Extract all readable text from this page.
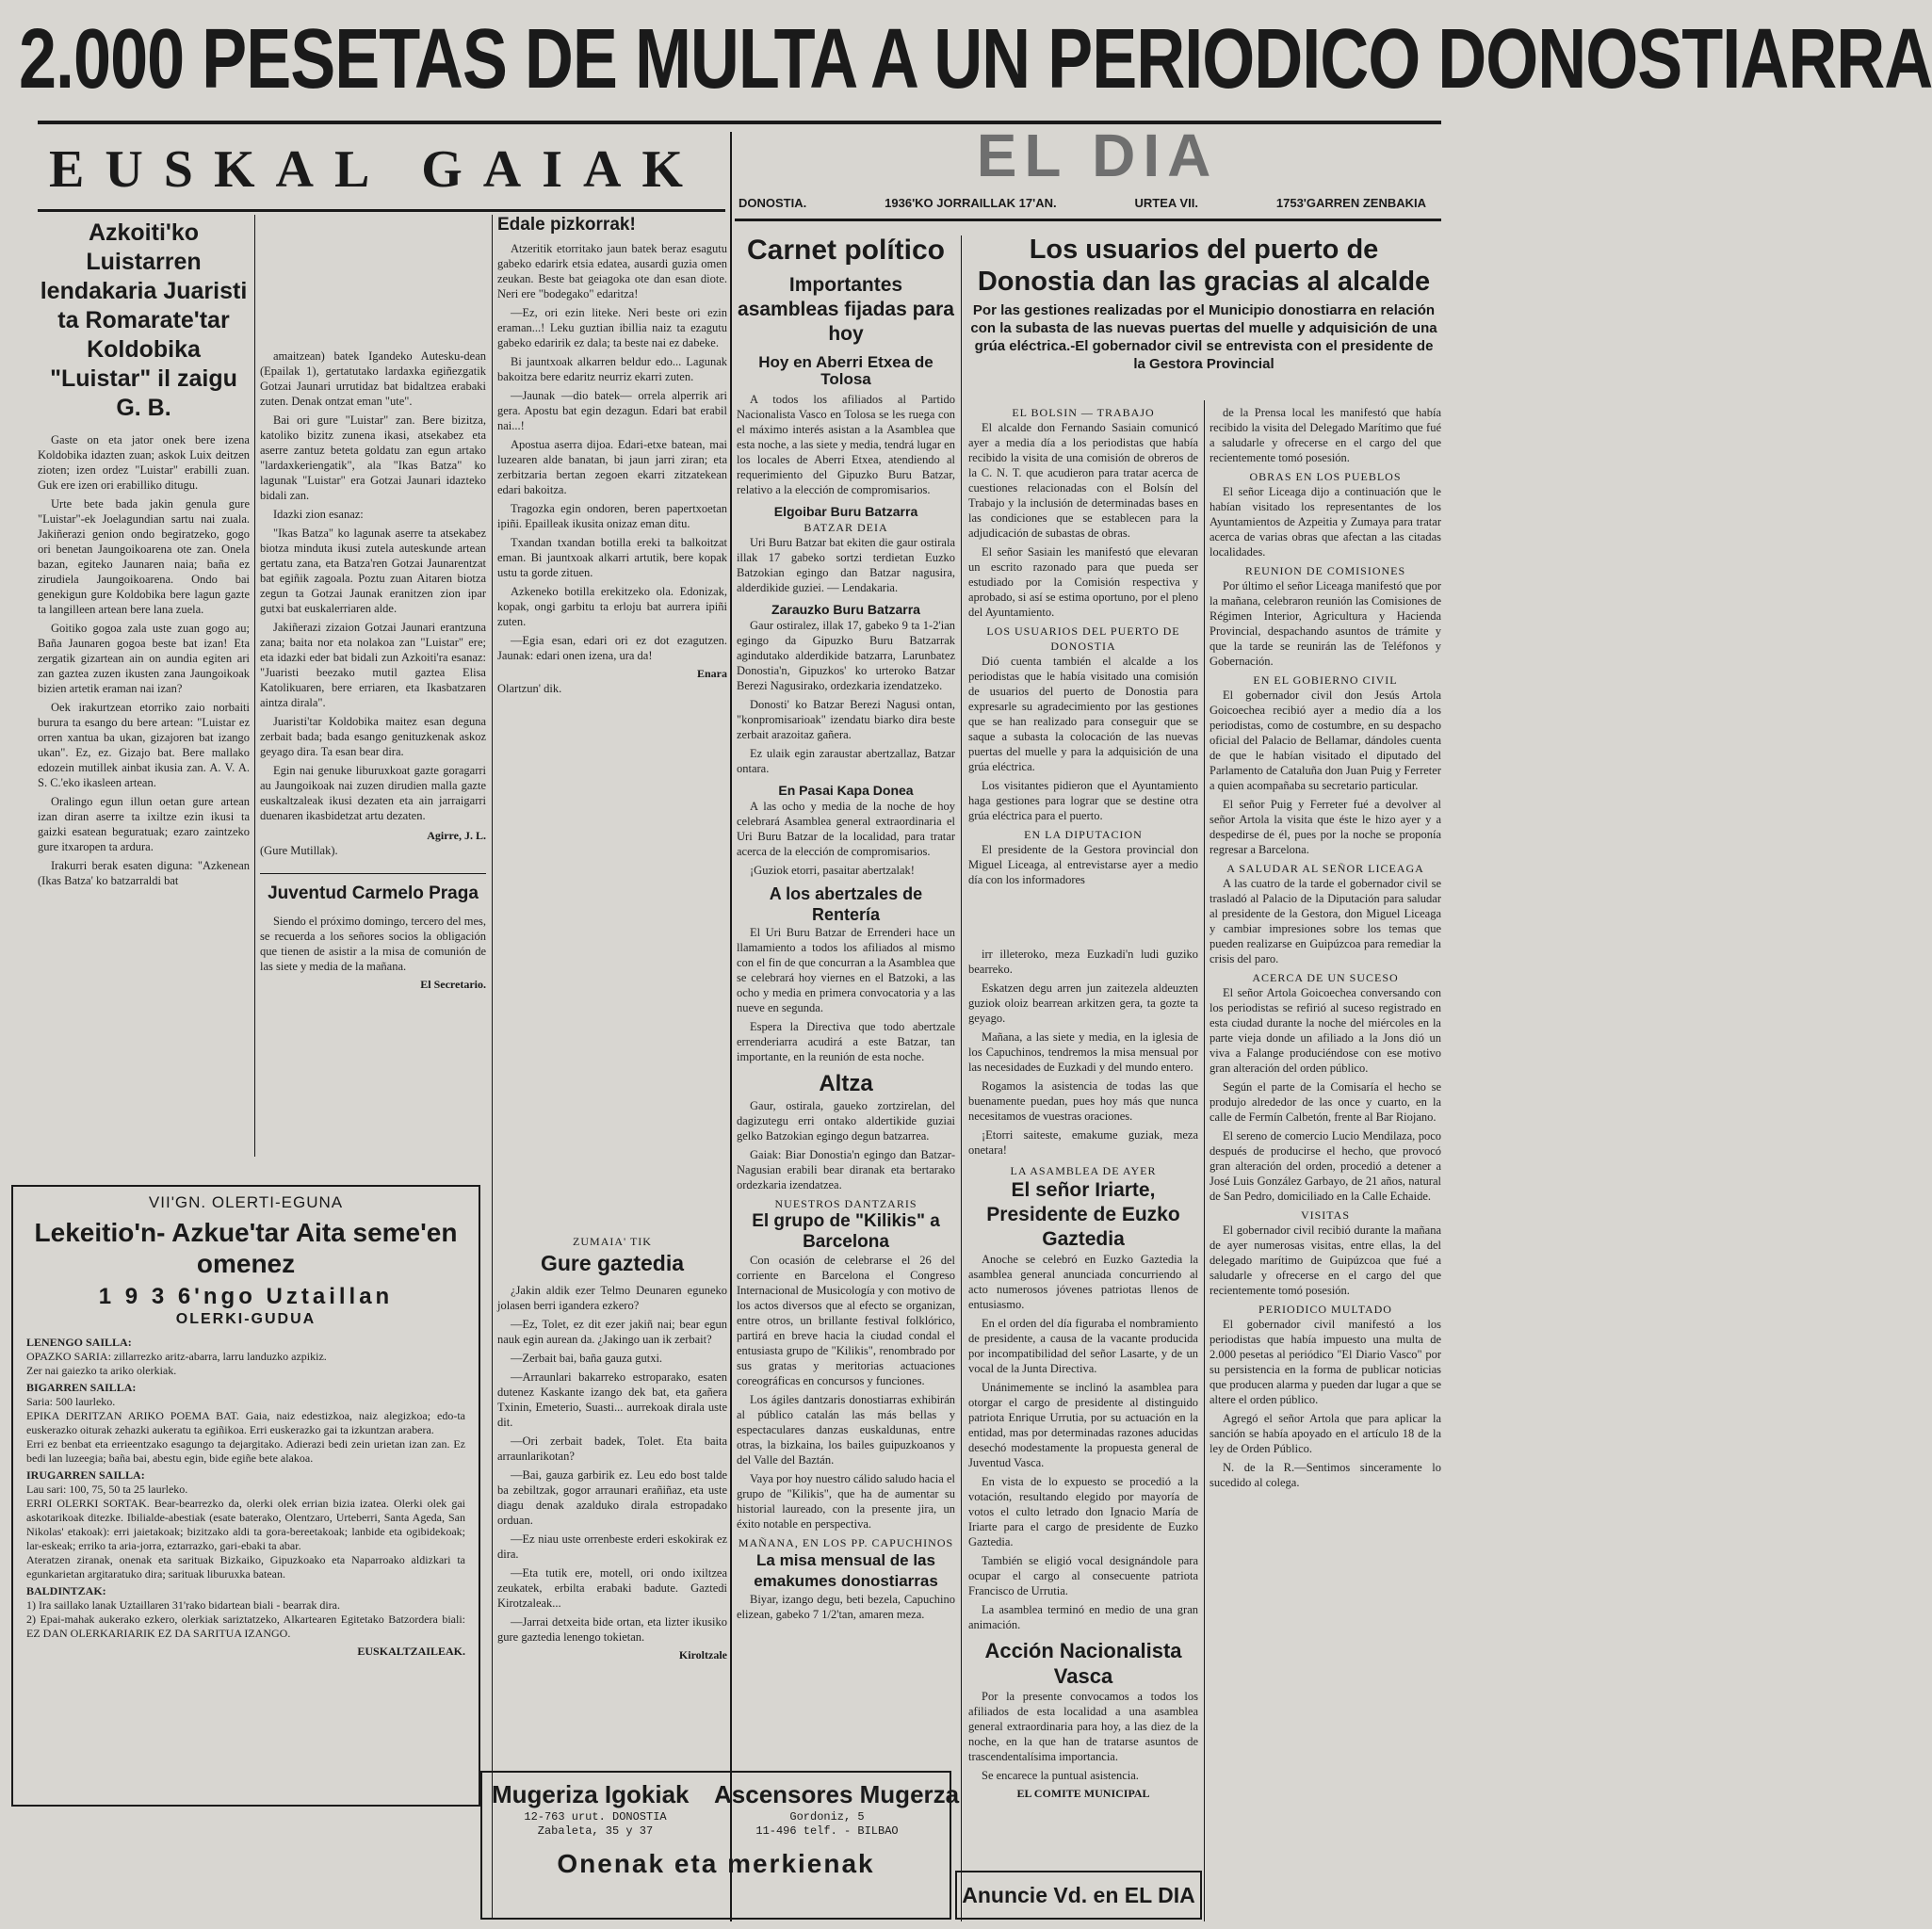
2.000 PESETAS DE MULTA A UN PERIODICO DONOSTIARRA
EUSKAL GAIAK	EL DIA
DONOSTIA.	1936'KO JORRAILLAK 17'AN.	URTEA VII.	1753'GARREN ZENBAKIA
Azkoiti'ko Luistarren lendakaria Juaristi ta Romarate'tar Koldobika "Luistar" il zaigu G. B.

Gaste on eta jator onek bere izena Koldobika idazten zuan; askok Luix deitzen zioten; izen ordez "Luistar" erabilli zuan. Guk ere izen ori erabilliko ditugu.

Urte bete bada jakin genula gure "Luistar"-ek Joelagundian sartu nai zuala. Jakiñerazi genion ondo begiratzeko, gogo ori benetan Jaungoikoarena ote zan. Onela bazan, egiteko Jaunaren naia; baña ez zirudiela Jaungoikoarena. Ondo bai genekigun gure Koldobika bere lagun gazte ta langilleen artean bere lana zuela.

Goitiko gogoa zala uste zuan gogo au; Baña Jaunaren gogoa beste bat izan! Eta zergatik gizartean ain on aundia egiten ari zan gaztea zuzen ikusten zana Jaungoikoak bizien artetik eraman nai izan?

Oek irakurtzean etorriko zaio norbaiti burura ta esango du bere artean: "Luistar ez orren xantua ba ukan, gizajoren bat izango ukan". Ez, ez. Gizajo bat. Bere mallako edozein mutillek ainbat ikusia zan. A. V. A. S. C.'eko ikasleen artean.

Oralingo egun illun oetan gure artean izan diran aserre ta ixiltze ezin ikusi ta gaizki esatean beguratuak; ezaro zaintzeko gure itxaropen ta ardura.

Irakurri berak esaten diguna: "Azkenean (Ikas Batza' ko batzarraldi bat

amaitzean) batek Igandeko Autesku-dean (Epailak 1), gertatutako lardaxka egiñezgatik Gotzai Jaunari urrutidaz bat bidaltzea erabaki zuten. Denak ontzat eman "ute".

Bai ori gure "Luistar" zan. Bere bizitza, katoliko bizitz zunena ikasi, atsekabez eta aserre zantuz beteta goldatu zan egun artako "lardaxkeriengatik", ala "Ikas Batza" ko lagunak "Luistar" era Gotzai Jaunari idazteko bidali zan.

Idazki zion esanaz:

"Ikas Batza" ko lagunak aserre ta atsekabez biotza minduta ikusi zutela auteskunde artean gertatu zana, eta Batza'ren Gotzai Jaunarentzat bat egiñik zagoala. Poztu zuan Aitaren biotza zegun ta Gotzai Jaunak eranitzen zion ipar gutxi bat euskalerriaren alde.

Jakiñerazi zizaion Gotzai Jaunari erantzuna zana; baita nor eta nolakoa zan "Luistar" ere; eta idazki eder bat bidali zun Azkoiti'ra esanaz: "Juaristi beezako mutil gaztea Elisa Katolikuaren, bere erriaren, eta Ikasbatzaren aintza dirala".

Juaristi'tar Koldobika maitez esan deguna zerbait bada; bada esango genituzkenak askoz geyago dira. Ta esan bear dira.

Egin nai genuke liburuxkoat gazte goragarri au Jaungoikoak nai zuzen dirudien malla gazte euskaltzaleak ikusi dezaten eta ain jarraigarri duenaren ikasbidetzat artu dezaten.

Agirre, J. L.
(Gure Mutillak).
Juventud Carmelo Praga

Siendo el próximo domingo, tercero del mes, se recuerda a los señores socios la obligación que tienen de asistir a la misa de comunión de las siete y media de la mañana.

El Secretario.
Edale pizkorrak!

Atzeritik etorritako jaun batek beraz esagutu gabeko edarirk etsia edatea, ausardi guzia omen zeukan. Beste bat geiagoka ote dan esan diote. Neri ere "bodegako" edaritza!

—Ez, ori ezin liteke. Neri beste ori ezin eraman...! Leku guztian ibillia naiz ta ezagutu gabeko edaririk ez dala; ta beste nai ez dabeke.

Bi jauntxoak alkarren beldur edo... Lagunak bakoitza bere edaritz neurriz ekarri zuten.

—Jaunak —dio batek— orrela alperrik ari gera. Apostu bat egin dezagun. Edari bat erabil nai...!

Apostua aserra dijoa. Edari-etxe batean, mai luzearen alde banatan, bi jaun jarri ziran; eta zerbitzaria bertan zegoen ekarri zitzatekean edari bakoitza.

Tragozka egin ondoren, beren papertxoetan ipiñi. Epailleak ikusita onizaz eman ditu.

Txandan txandan botilla ereki ta balkoitzat eman. Bi jauntxoak alkarri artutik, bere kopak ustu ta gorde zituen.

Azkeneko botilla erekitzeko ola. Edonizak, kopak, ongi garbitu ta erloju bat aurrera ipiñi zuten.

—Egia esan, edari ori ez dot ezagutzen. Jaunak: edari onen izena, ura da!

Enara
Olartzun' dik.
ZUMAIA' TIK
Gure gaztedia

¿Jakin aldik ezer Telmo Deunaren eguneko jolasen berri igandera ezkero?

—Ez, Tolet, ez dit ezer jakiñ nai; bear egun nauk egin aurean da. ¿Jakingo uan ik zerbait?

—Zerbait bai, baña gauza gutxi.

—Arraunlari bakarreko estroparako, esaten dutenez Kaskante izango dek bat, eta gañera Txinin, Emeterio, Suasti... aurrekoak dirala uste dit.

—Ori zerbait badek, Tolet. Eta baita arraunlarikotan?

—Bai, gauza garbirik ez. Leu edo bost talde ba zebiltzak, gogor arraunari erañiñaz, eta uste diagu denak azalduko dirala estropadako orduan.

—Ez niau uste orrenbeste erderi eskokirak ez dira.

—Eta tutik ere, motell, ori ondo ixiltzea zeukatek, erbilta erabaki badute. Gaztedi Kirotzaleak...

—Jarrai detxeita bide ortan, eta lizter ikusiko gure gaztedia lenengo tokietan.

Kiroltzale
VII'GN. OLERTI-EGUNA
Lekeitio'n- Azkue'tar Aita seme'en omenez
1 9 3 6'ngo Uztaillan
OLERKI-GUDUA
LENENGO SAILLA:
OPAZKO SARIA: zillarrezko aritz-abarra, larru landuzko azpikiz.
Zer nai gaiezko ta ariko olerkiak.
BIGARREN SAILLA:
Saria: 500 laurleko.
EPIKA DERITZAN ARIKO POEMA BAT. Gaia, naiz edestizkoa, naiz alegizkoa; edo-ta euskerazko oiturak zehazki aukeratu ta egiñikoa. Erri euskerazko gai ta izkuntzan arabera.
Erri ez benbat eta errieentzako esagungo ta dejargitako. Adierazi bedi zein urietan izan zan. Ez bedi lan luzeegia; baña bai, abestu egin, bide egiñe bete alakoa.
IRUGARREN SAILLA:
Lau sari: 100, 75, 50 ta 25 laurleko.
ERRI OLERKI SORTAK. Bear-bearrezko da, olerki olek errian bizia izatea. Olerki olek gai askotarikoak ditezke. Ibilialde-abestiak (esate baterako, Olentzaro, Urteberri, Santa Ageda, San Nikolas' etakoak): erri jaietakoak; bizitzako aldi ta gora-bereetakoak; lanbide eta ogibidekoak; lar-eskeak; erriko ta aria-jorra, eztarrazko, gari-ebaki ta abar.
Ateratzen ziranak, onenak eta sarituak Bizkaiko, Gipuzkoako eta Naparroako aldizkari ta egunkarietan argitaratuko dira; sarituak liburuxka batean.
BALDINTZAK:
1) Ira saillako lanak Uztaillaren 31'rako bidartean biali - bearrak dira.
2) Epai-mahak aukerako ezkero, olerkiak sariztatzeko, Alkartearen Egitetako Batzordera biali: EZ DAN OLERKARIARIK EZ DA SARITUA IZANGO.
EUSKALTZAILEAK.
Mugeriza Igokiak
12-763 urut. DONOSTIA
Zabaleta, 35 y 37
Ascensores Mugerza
Gordoniz, 5
11-496 telf. - BILBAO
Onenak eta merkienak
Carnet político
Importantes asambleas fijadas para hoy
Hoy en Aberri Etxea de Tolosa

A todos los afiliados al Partido Nacionalista Vasco en Tolosa se les ruega con el máximo interés asistan a la Asamblea que esta noche, a las siete y media, tendrá lugar en los locales de Aberri Etxea, atendiendo al requerimiento del Gipuzko Buru Batzar, relativo a la elección de compromisarios.

Elgoibar Buru Batzarra
BATZAR DEIA

Uri Buru Batzar bat ekiten die gaur ostirala illak 17 gabeko sortzi terdietan Euzko Batzokian egingo dan Batzar nagusira, alderdikide guziei. — Lendakaria.

Zarauzko Buru Batzarra

Gaur ostiralez, illak 17, gabeko 9 ta 1-2'ian egingo da Gipuzko Buru Batzarrak agindutako alderdikide batzarra, Larunbatez Donostia'n, Gipuzkos' ko urteroko Batzar Berezi Nagusirako, ordezkaria izendatzeko.

Donosti' ko Batzar Berezi Nagusi ontan, "konpromisarioak" izendatu biarko dira beste zerbait arazoitaz gañera.

Ez ulaik egin zaraustar abertzallaz, Batzar ontara.

En Pasai Kapa Donea

A las ocho y media de la noche de hoy celebrará Asamblea general extraordinaria el Uri Buru Batzar de la localidad, para tratar acerca de la elección de compromisarios.

¡Guziok etorri, pasaitar abertzalak!

A los abertzales de Rentería

El Uri Buru Batzar de Errenderi hace un llamamiento a todos los afiliados al mismo con el fin de que concurran a la Asamblea que se celebrará hoy viernes en el Batzoki, a las ocho y media en primera convocatoria y a las nueve en segunda.

Espera la Directiva que todo abertzale errenderiarra acudirá a este Batzar, tan importante, en la reunión de esta noche.

Altza

Gaur, ostirala, gaueko zortzirelan, del dagizutegu erri ontako aldertikide guziai gelko Batzokian egingo degun batzarrea.

Gaiak: Biar Donostia'n egingo dan Batzar-Nagusian erabili bear diranak eta bertarako ordezkaria izendatzea.

NUESTROS DANTZARIS
El grupo de "Kilikis" a Barcelona

Con ocasión de celebrarse el 26 del corriente en Barcelona el Congreso Internacional de Musicología y con motivo de los actos diversos que al efecto se organizan, entre otros, un brillante festival folklórico, partirá en breve hacia la ciudad condal el entusiasta grupo de "Kilikis", renombrado por sus gratas y meritorias actuaciones coreográficas en concursos y funciones.

Los ágiles dantzaris donostiarras exhibirán al público catalán las más bellas y espectaculares danzas euskaldunas, entre otras, la bizkaina, los bailes guipuzkoanos y del Valle del Baztán.

Vaya por hoy nuestro cálido saludo hacia el grupo de "Kilikis", que ha de aumentar su historial laureado, con la presente jira, un éxito notable en perspectiva.

MAÑANA, EN LOS PP. CAPUCHINOS
La misa mensual de las emakumes donostiarras

Biyar, izango degu, beti bezela, Capuchino elizean, gabeko 7 1/2'tan, amaren meza.

Los usuarios del puerto de Donostia dan las gracias al alcalde
Por las gestiones realizadas por el Municipio donostiarra en relación con la subasta de las nuevas puertas del muelle y adquisición de una grúa eléctrica.-El gobernador civil se entrevista con el presidente de la Gestora Provincial
EL BOLSIN — TRABAJO

El alcalde don Fernando Sasiain comunicó ayer a media día a los periodistas que había recibido la visita de una comisión de obreros de la C. N. T. que acudieron para tratar acerca de cuestiones relacionadas con el Bolsín del Trabajo y la inclusión de determinadas bases en las condiciones que se establecen para la adjudicación de subastas de obras.

El señor Sasiain les manifestó que elevaran un escrito razonado para que pueda ser estudiado por la Comisión respectiva y aprobado, si así se estima oportuno, por el pleno del Ayuntamiento.

LOS USUARIOS DEL PUERTO DE DONOSTIA

Dió cuenta también el alcalde a los periodistas que le había visitado una comisión de usuarios del puerto de Donostia para expresarle su agradecimiento por las gestiones que se han realizado para conseguir que se saque a subasta la colocación de las nuevas puertas del muelle y para la adquisición de una grúa eléctrica.

Los visitantes pidieron que el Ayuntamiento haga gestiones para lograr que se destine otra grúa eléctrica para el puerto.

EN LA DIPUTACION

El presidente de la Gestora provincial don Miguel Liceaga, al entrevistarse ayer a medio día con los informadores

irr illeteroko, meza Euzkadi'n ludi guziko bearreko.

Eskatzen degu arren jun zaitezela aldeuzten guziok oloiz bearrean arkitzen gera, ta gozte ta geyago.

Mañana, a las siete y media, en la iglesia de los Capuchinos, tendremos la misa mensual por las necesidades de Euzkadi y del mundo entero.

Rogamos la asistencia de todas las que buenamente puedan, pues hoy más que nunca necesitamos de vuestras oraciones.

¡Etorri saiteste, emakume guziak, meza onetara!

LA ASAMBLEA DE AYER
El señor Iriarte, Presidente de Euzko Gaztedia

Anoche se celebró en Euzko Gaztedia la asamblea general anunciada concurriendo al acto numerosos jóvenes patriotas llenos de entusiasmo.

En el orden del día figuraba el nombramiento de presidente, a causa de la vacante producida por incompatibilidad del señor Lasarte, y de un vocal de la Junta Directiva.

Unánimemente se inclinó la asamblea para otorgar el cargo de presidente al distinguido patriota Enrique Urrutia, por su actuación en la entidad, mas por determinadas razones aducidas desechó modestamente la propuesta general de Juventud Vasca.

En vista de lo expuesto se procedió a la votación, resultando elegido por mayoría de votos el culto letrado don Ignacio María de Iriarte para el cargo de presidente de Euzko Gaztedia.

También se eligió vocal designándole para ocupar el cargo al consecuente patriota Francisco de Urrutia.

La asamblea terminó en medio de una gran animación.

Acción Nacionalista Vasca

Por la presente convocamos a todos los afiliados de esta localidad a una asamblea general extraordinaria para hoy, a las diez de la noche, en la que han de tratarse asuntos de trascendentalísima importancia.

Se encarece la puntual asistencia.

EL COMITE MUNICIPAL
Anuncie Vd. en EL DIA

de la Prensa local les manifestó que había recibido la visita del Delegado Marítimo que fué a saludarle y ofrecerse en el cargo del que recientemente tomó posesión.

OBRAS EN LOS PUEBLOS

El señor Liceaga dijo a continuación que le habían visitado los representantes de los Ayuntamientos de Azpeitia y Zumaya para tratar acerca de varias obras que afectan a las citadas localidades.

REUNION DE COMISIONES

Por último el señor Liceaga manifestó que por la mañana, celebraron reunión las Comisiones de Régimen Interior, Agricultura y Hacienda Provincial, despachando asuntos de trámite y que la tarde se reunirán las de Teléfonos y Gobernación.

EN EL GOBIERNO CIVIL

El gobernador civil don Jesús Artola Goicoechea recibió ayer a medio día a los periodistas, como de costumbre, en su despacho oficial del Palacio de Bellamar, dándoles cuenta de que le habían visitado el diputado del Parlamento de Cataluña don Juan Puig y Ferreter a quien acompañaba su secretario particular.

El señor Puig y Ferreter fué a devolver al señor Artola la visita que éste le hizo ayer y a despedirse de él, pues por la noche se proponía regresar a Barcelona.

A SALUDAR AL SEÑOR LICEAGA

A las cuatro de la tarde el gobernador civil se trasladó al Palacio de la Diputación para saludar al presidente de la Gestora, don Miguel Liceaga y cambiar impresiones sobre los temas que pueden realizarse en Guipúzcoa para remediar la crisis del paro.

ACERCA DE UN SUCESO

El señor Artola Goicoechea conversando con los periodistas se refirió al suceso registrado en esta ciudad durante la noche del miércoles en la parte vieja donde un afiliado a la Jons dió un viva a Falange produciéndose con ese motivo gran alteración del orden público.

Según el parte de la Comisaría el hecho se produjo alrededor de las once y cuarto, en la calle de Fermín Calbetón, frente al Bar Riojano.

El sereno de comercio Lucio Mendilaza, poco después de producirse el hecho, que provocó gran alteración del orden, procedió a detener a José Luis González Garbayo, de 21 años, natural de San Pedro, domiciliado en la Calle Echaide.

VISITAS

El gobernador civil recibió durante la mañana de ayer numerosas visitas, entre ellas, la del delegado marítimo de Guipúzcoa que fué a saludarle y ofrecerse en el cargo del que recientemente tomó posesión.

PERIODICO MULTADO

El gobernador civil manifestó a los periodistas que había impuesto una multa de 2.000 pesetas al periódico "El Diario Vasco" por su persistencia en la forma de publicar noticias que producen alarma y pueden dar lugar a que se altere el orden público.

Agregó el señor Artola que para aplicar la sanción se había apoyado en el artículo 18 de la ley de Orden Público.

N. de la R.—Sentimos sinceramente lo sucedido al colega.
